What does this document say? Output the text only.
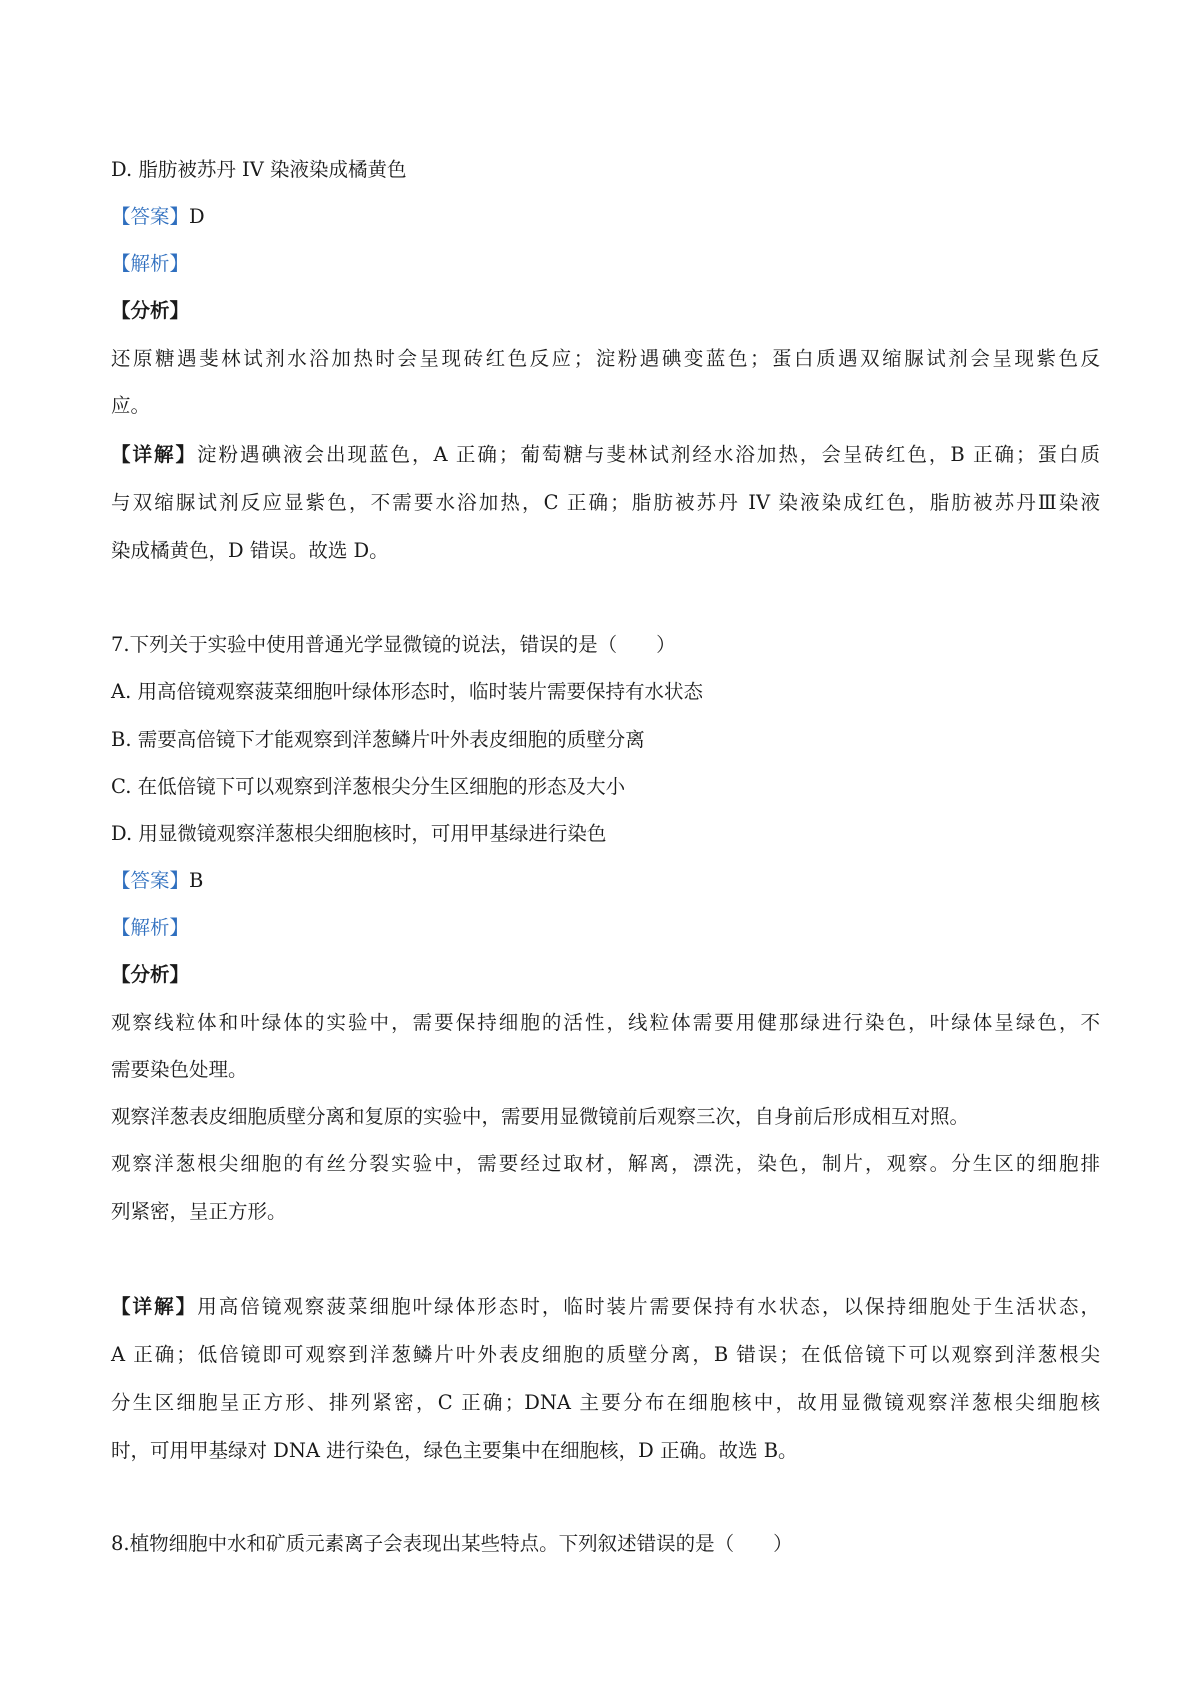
D. 脂肪被苏丹 IV 染液染成橘黄色
【答案】D
【解析】
【分析】
还原糖遇斐林试剂水浴加热时会呈现砖红色反应；淀粉遇碘变蓝色；蛋白质遇双缩脲试剂会呈现紫色反
应。
【详解】淀粉遇碘液会出现蓝色，A 正确；葡萄糖与斐林试剂经水浴加热，会呈砖红色，B 正确；蛋白质
与双缩脲试剂反应显紫色，不需要水浴加热，C 正确；脂肪被苏丹 IV 染液染成红色，脂肪被苏丹Ⅲ染液
染成橘黄色，D 错误。故选 D。
7.下列关于实验中使用普通光学显微镜的说法，错误的是（　　）
A. 用高倍镜观察菠菜细胞叶绿体形态时，临时装片需要保持有水状态
B. 需要高倍镜下才能观察到洋葱鳞片叶外表皮细胞的质壁分离
C. 在低倍镜下可以观察到洋葱根尖分生区细胞的形态及大小
D. 用显微镜观察洋葱根尖细胞核时，可用甲基绿进行染色
【答案】B
【解析】
【分析】
观察线粒体和叶绿体的实验中，需要保持细胞的活性，线粒体需要用健那绿进行染色，叶绿体呈绿色，不
需要染色处理。
观察洋葱表皮细胞质壁分离和复原的实验中，需要用显微镜前后观察三次，自身前后形成相互对照。
观察洋葱根尖细胞的有丝分裂实验中，需要经过取材，解离，漂洗，染色，制片，观察。分生区的细胞排
列紧密，呈正方形。
【详解】用高倍镜观察菠菜细胞叶绿体形态时，临时装片需要保持有水状态，以保持细胞处于生活状态，
A 正确；低倍镜即可观察到洋葱鳞片叶外表皮细胞的质壁分离，B 错误；在低倍镜下可以观察到洋葱根尖
分生区细胞呈正方形、排列紧密，C 正确；DNA 主要分布在细胞核中，故用显微镜观察洋葱根尖细胞核
时，可用甲基绿对 DNA 进行染色，绿色主要集中在细胞核，D 正确。故选 B。
8.植物细胞中水和矿质元素离子会表现出某些特点。下列叙述错误的是（　　）
